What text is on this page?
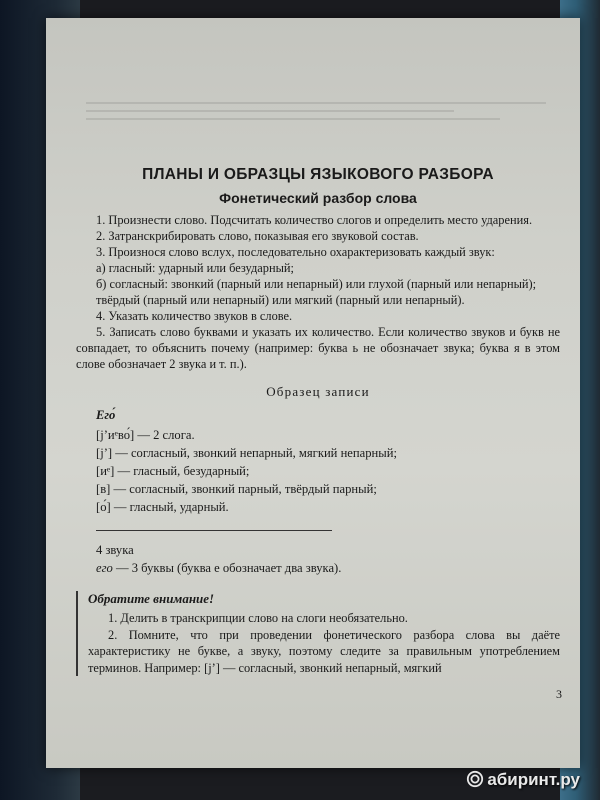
ПЛАНЫ И ОБРАЗЦЫ ЯЗЫКОВОГО РАЗБОРА
Фонетический разбор слова

1. Произнести слово. Подсчитать количество слогов и определить место ударения.

2. Затранскрибировать слово, показывая его звуковой состав.

3. Произнося слово вслух, последовательно охарактеризовать каждый звук:

а) гласный: ударный или безударный;

б) согласный: звонкий (парный или непарный) или глухой (парный или непарный);

твёрдый (парный или непарный) или мягкий (парный или непарный).

4. Указать количество звуков в слове.

5. Записать слово буквами и указать их количество. Если количество звуков и букв не совпадает, то объяснить почему (например: буква ь не обозначает звука; буква я в этом слове обозначает 2 звука и т. п.).

Образец записи

Его́

[j’иᵉво́] — 2 слога.

[j’] — согласный, звонкий непарный, мягкий непарный;

[иᵉ] — гласный, безударный;

[в] — согласный, звонкий парный, твёрдый парный;

[о́] — гласный, ударный.

4 звука

его — 3 буквы (буква е обозначает два звука).

Обратите внимание!

1. Делить в транскрипции слово на слоги необязательно.

2. Помните, что при проведении фонетического разбора слова вы даёте характеристику не букве, а звуку, поэтому следите за правильным употреблением терминов. Например: [j’] — согласный, звонкий непарный, мягкий

3
абиринт.ру
